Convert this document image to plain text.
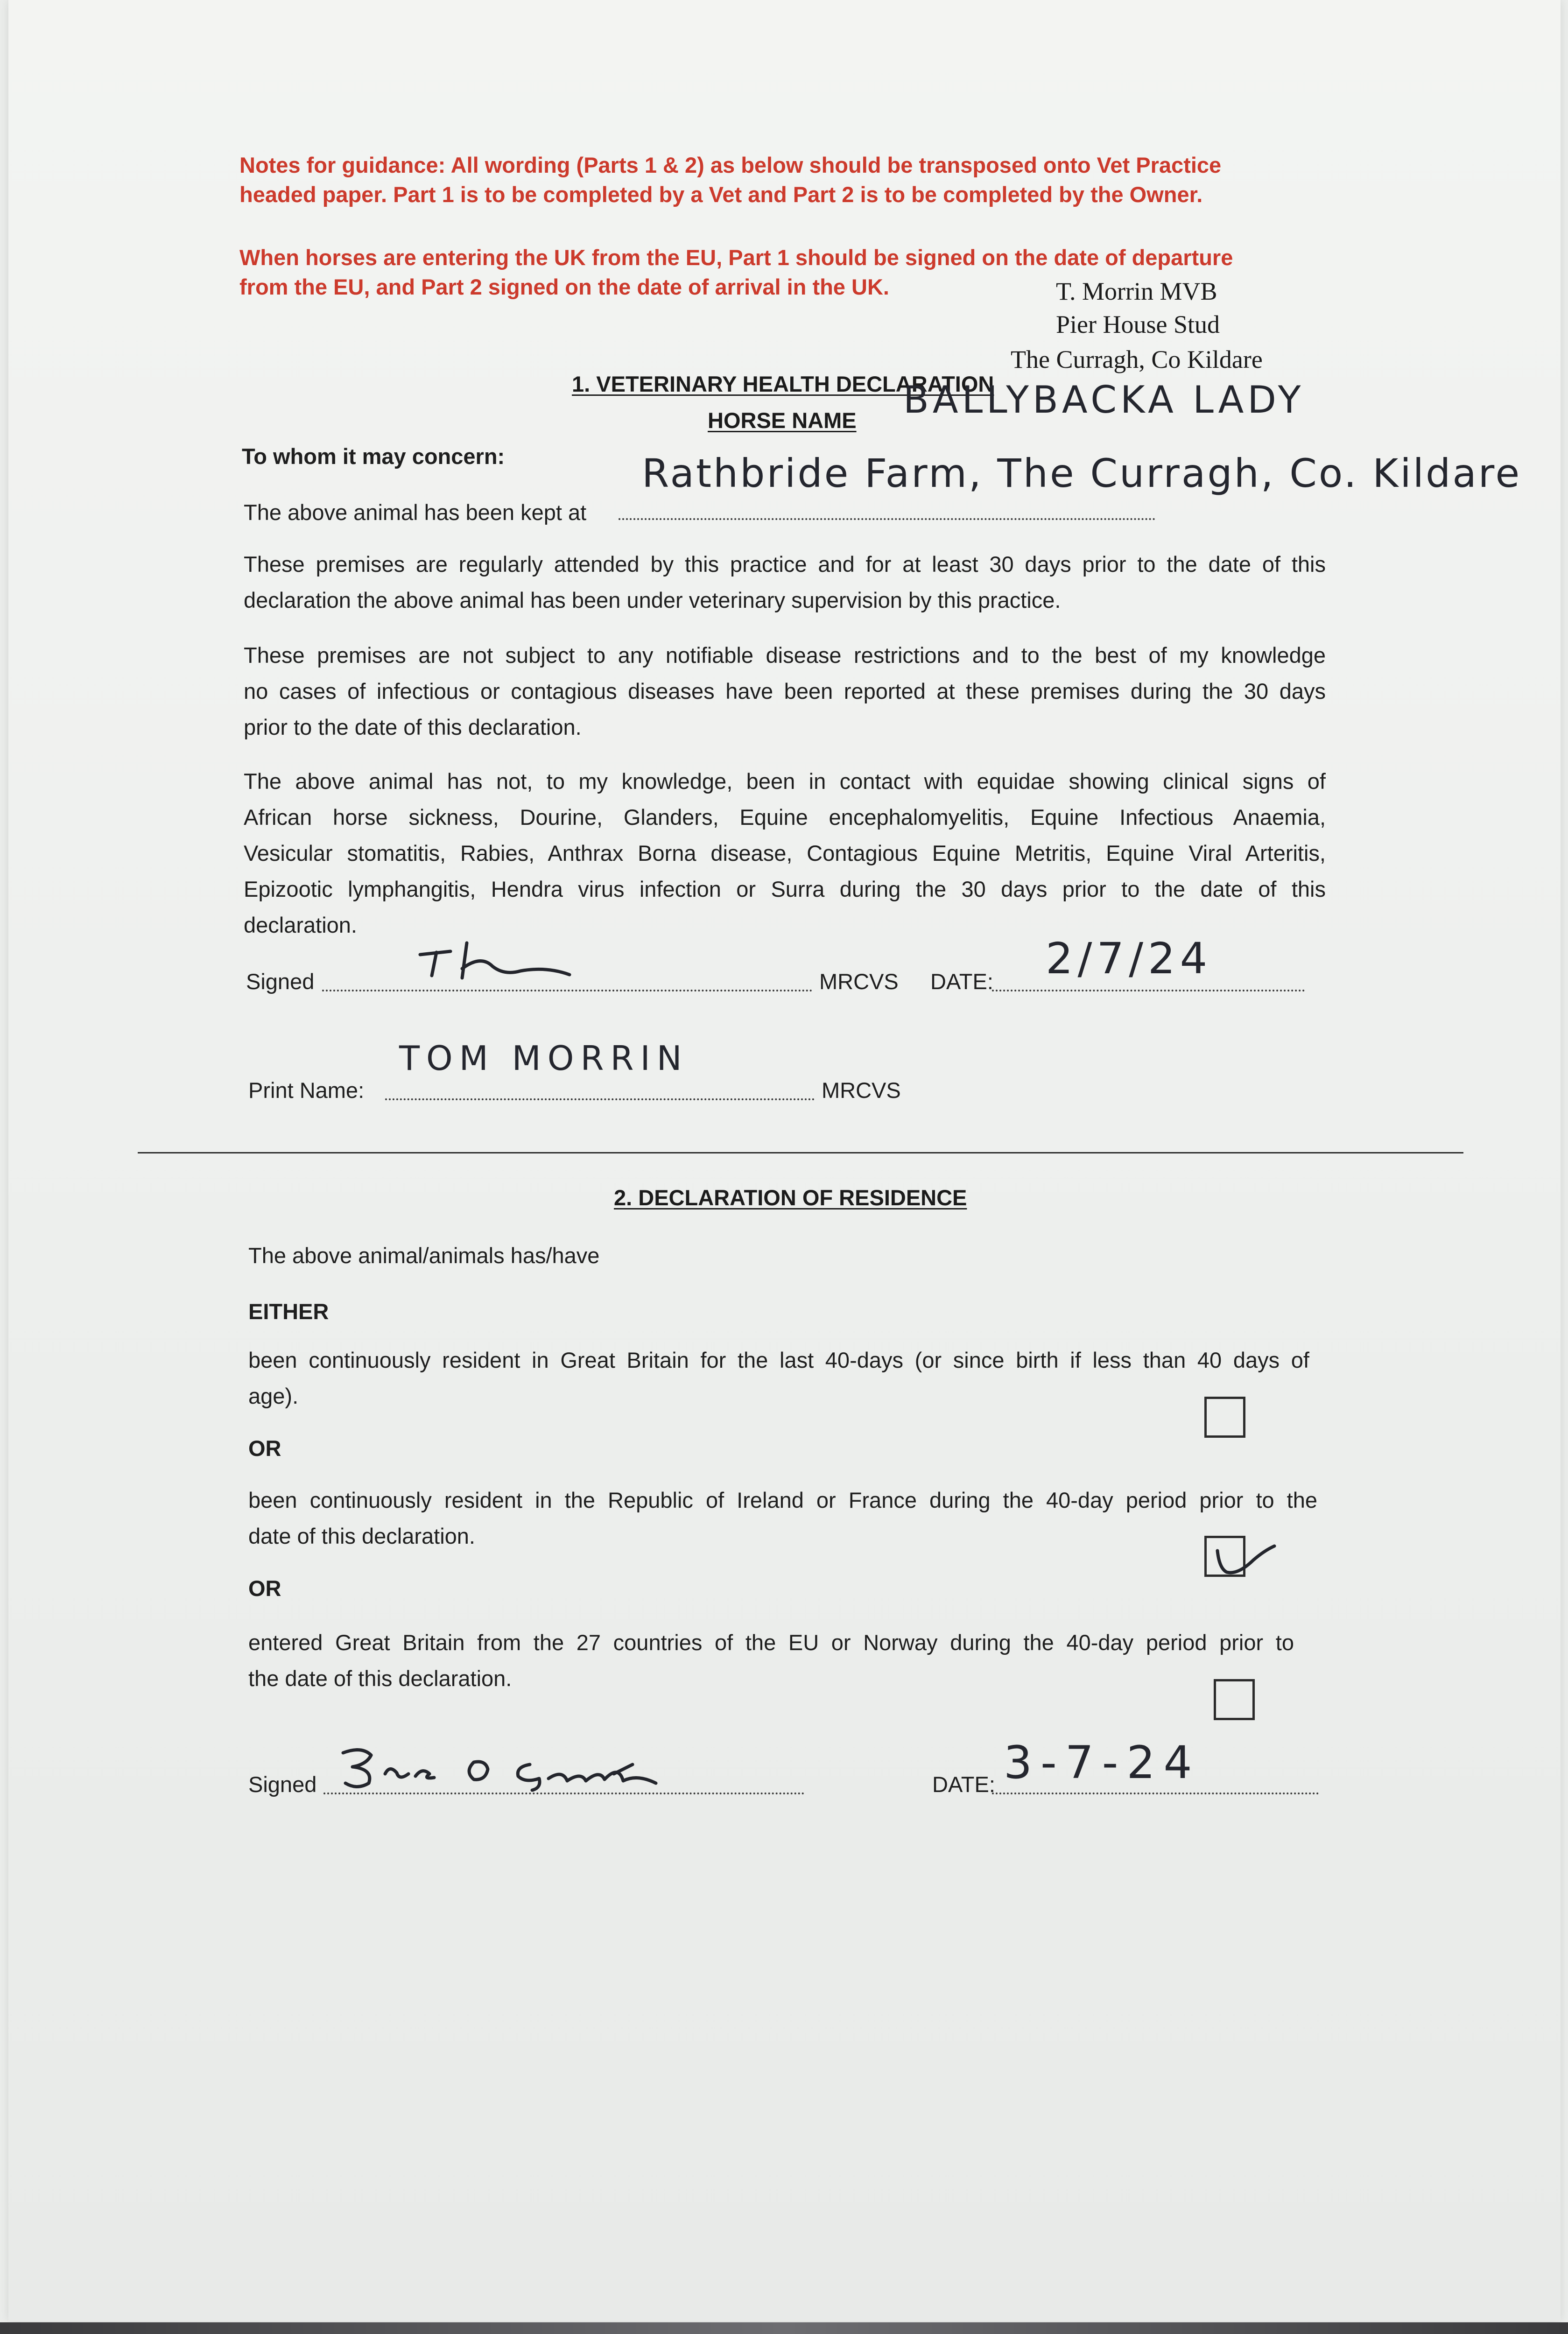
Notes for guidance: All wording (Parts 1 & 2) as below should be transposed onto Vet Practice

headed paper. Part 1 is to be completed by a Vet and Part 2 is to be completed by the Owner.

When horses are entering the UK from the EU, Part 1 should be signed on the date of departure

from the EU, and Part 2 signed on the date of arrival in the UK.	T. Morrin MVB

Pier House Stud

The Curragh, Co Kildare

1. VETERINARY HEALTH DECLARATION

HORSE NAME BALLYBACKA LADY

To whom it may concern:

The above animal has been kept at

Rathbride Farm, The Curragh, Co. Kildare
These premises are regularly attended by this practice and for at least 30 days prior to the date of this
declaration the above animal has been under veterinary supervision by this practice.
These premises are not subject to any notifiable disease restrictions and to the best of my knowledge
no cases of infectious or contagious diseases have been reported at these premises during the 30 days
prior to the date of this declaration.
The above animal has not, to my knowledge, been in contact with equidae showing clinical signs of
African horse sickness, Dourine, Glanders, Equine encephalomyelitis, Equine Infectious Anaemia,
Vesicular stomatitis, Rabies, Anthrax Borna disease, Contagious Equine Metritis, Equine Viral Arteritis,
Epizootic lymphangitis, Hendra virus infection or Surra during the 30 days prior to the date of this
declaration.

Signed	MRCVS DATE: 2/7/24

Print Name:

TOM MORRIN

MRCVS

2. DECLARATION OF RESIDENCE

The above animal/animals has/have

EITHER

been continuously resident in Great Britain for the last 40-days (or since birth if less than 40 days of
age).

OR

been continuously resident in the Republic of Ireland or France during the 40-day period prior to the
date of this declaration.

OR

entered Great Britain from the 27 countries of the EU or Norway during the 40-day period prior to
the date of this declaration.

Signed	DATE: 3-7-24
